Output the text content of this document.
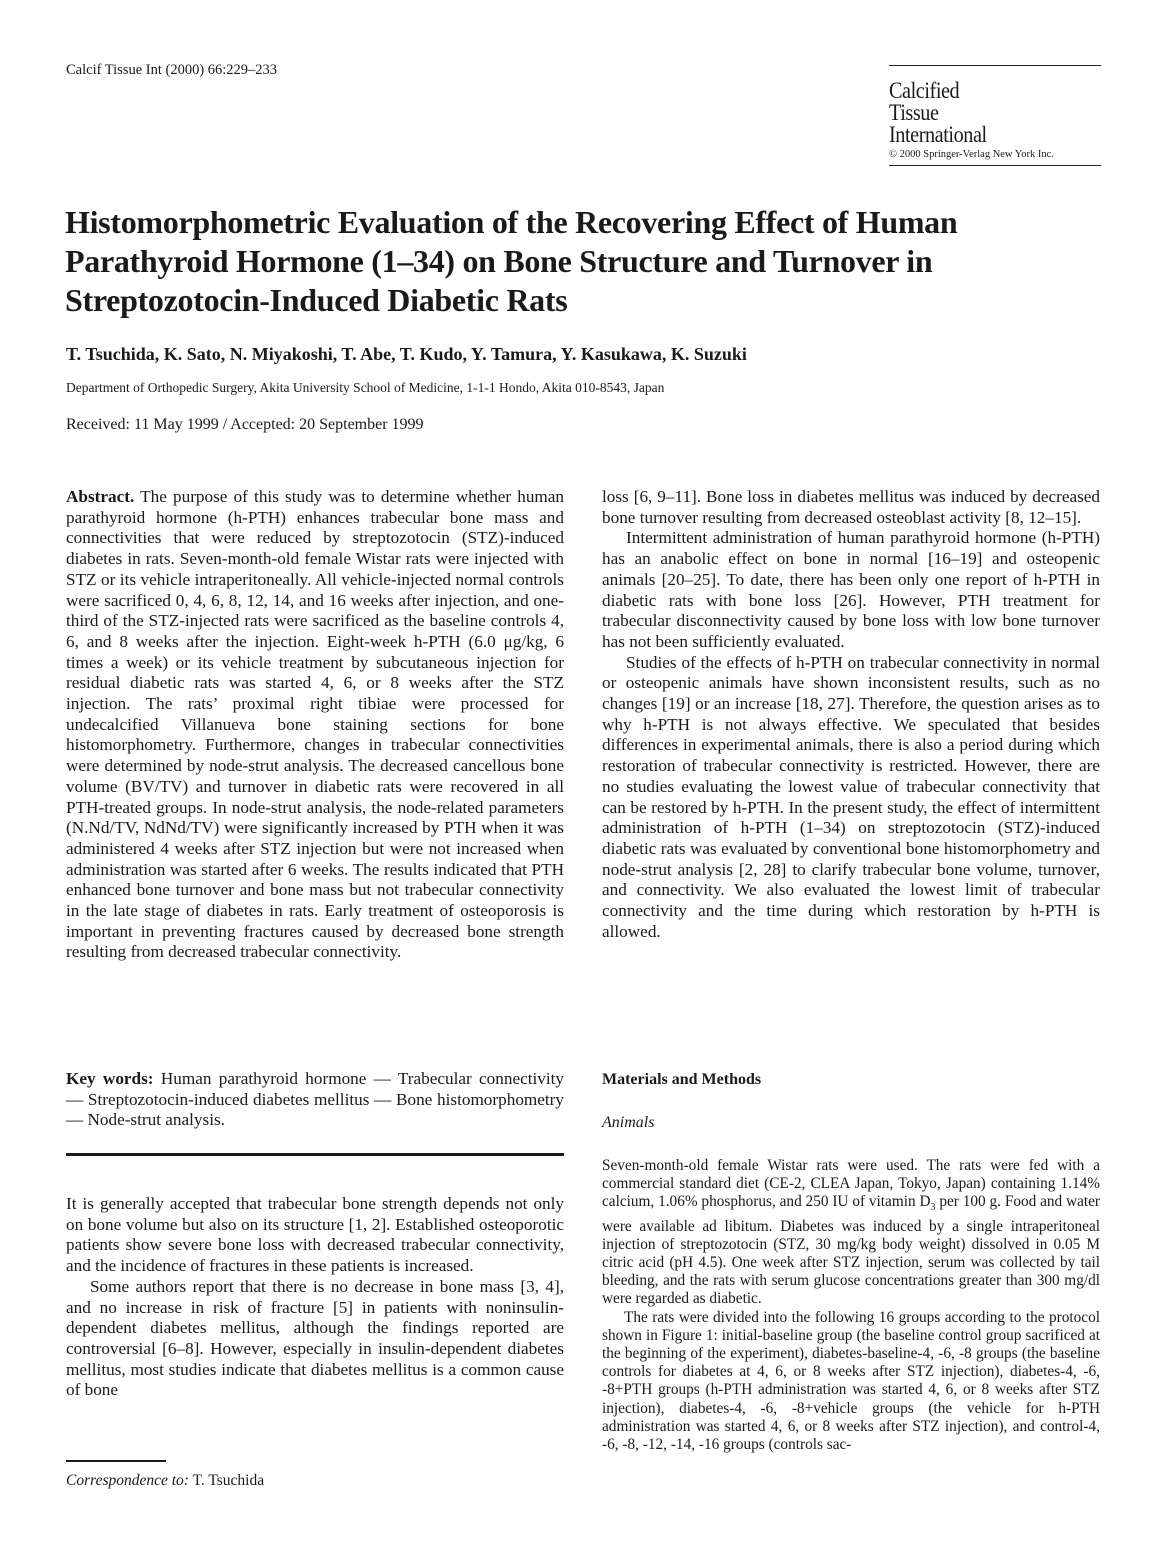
Calcif Tissue Int (2000) 66:229–233
Calcified
Tissue
International
© 2000 Springer-Verlag New York Inc.
Histomorphometric Evaluation of the Recovering Effect of Human Parathyroid Hormone (1–34) on Bone Structure and Turnover in Streptozotocin-Induced Diabetic Rats
T. Tsuchida, K. Sato, N. Miyakoshi, T. Abe, T. Kudo, Y. Tamura, Y. Kasukawa, K. Suzuki
Department of Orthopedic Surgery, Akita University School of Medicine, 1-1-1 Hondo, Akita 010-8543, Japan
Received: 11 May 1999 / Accepted: 20 September 1999

Abstract. The purpose of this study was to determine whether human parathyroid hormone (h-PTH) enhances trabecular bone mass and connectivities that were reduced by streptozotocin (STZ)-induced diabetes in rats. Seven-month-old female Wistar rats were injected with STZ or its vehicle intraperitoneally. All vehicle-injected normal controls were sacrificed 0, 4, 6, 8, 12, 14, and 16 weeks after injection, and one-third of the STZ-injected rats were sacrificed as the baseline controls 4, 6, and 8 weeks after the injection. Eight-week h-PTH (6.0 μg/kg, 6 times a week) or its vehicle treatment by subcutaneous injection for residual diabetic rats was started 4, 6, or 8 weeks after the STZ injection. The rats’ proximal right tibiae were processed for undecalcified Villanueva bone staining sections for bone histomorphometry. Furthermore, changes in trabecular connectivities were determined by node-strut analysis. The decreased cancellous bone volume (BV/TV) and turnover in diabetic rats were recovered in all PTH-treated groups. In node-strut analysis, the node-related parameters (N.Nd/TV, NdNd/TV) were significantly increased by PTH when it was administered 4 weeks after STZ injection but were not increased when administration was started after 6 weeks. The results indicated that PTH enhanced bone turnover and bone mass but not trabecular connectivity in the late stage of diabetes in rats. Early treatment of osteoporosis is important in preventing fractures caused by decreased bone strength resulting from decreased trabecular connectivity.

Key words: Human parathyroid hormone — Trabecular connectivity — Streptozotocin-induced diabetes mellitus — Bone histomorphometry — Node-strut analysis.

It is generally accepted that trabecular bone strength depends not only on bone volume but also on its structure [1, 2]. Established osteoporotic patients show severe bone loss with decreased trabecular connectivity, and the incidence of fractures in these patients is increased.

Some authors report that there is no decrease in bone mass [3, 4], and no increase in risk of fracture [5] in patients with noninsulin-dependent diabetes mellitus, although the findings reported are controversial [6–8]. However, especially in insulin-dependent diabetes mellitus, most studies indicate that diabetes mellitus is a common cause of bone

Correspondence to: T. Tsuchida

loss [6, 9–11]. Bone loss in diabetes mellitus was induced by decreased bone turnover resulting from decreased osteoblast activity [8, 12–15].

Intermittent administration of human parathyroid hormone (h-PTH) has an anabolic effect on bone in normal [16–19] and osteopenic animals [20–25]. To date, there has been only one report of h-PTH in diabetic rats with bone loss [26]. However, PTH treatment for trabecular disconnectivity caused by bone loss with low bone turnover has not been sufficiently evaluated.

Studies of the effects of h-PTH on trabecular connectivity in normal or osteopenic animals have shown inconsistent results, such as no changes [19] or an increase [18, 27]. Therefore, the question arises as to why h-PTH is not always effective. We speculated that besides differences in experimental animals, there is also a period during which restoration of trabecular connectivity is restricted. However, there are no studies evaluating the lowest value of trabecular connectivity that can be restored by h-PTH. In the present study, the effect of intermittent administration of h-PTH (1–34) on streptozotocin (STZ)-induced diabetic rats was evaluated by conventional bone histomorphometry and node-strut analysis [2, 28] to clarify trabecular bone volume, turnover, and connectivity. We also evaluated the lowest limit of trabecular connectivity and the time during which restoration by h-PTH is allowed.

Materials and Methods
Animals

Seven-month-old female Wistar rats were used. The rats were fed with a commercial standard diet (CE-2, CLEA Japan, Tokyo, Japan) containing 1.14% calcium, 1.06% phosphorus, and 250 IU of vitamin $D_3$ per 100 g. Food and water were available ad libitum. Diabetes was induced by a single intraperitoneal injection of streptozotocin (STZ, 30 mg/kg body weight) dissolved in 0.05 M citric acid (pH 4.5). One week after STZ injection, serum was collected by tail bleeding, and the rats with serum glucose concentrations greater than 300 mg/dl were regarded as diabetic.

The rats were divided into the following 16 groups according to the protocol shown in Figure 1: initial-baseline group (the baseline control group sacrificed at the beginning of the experiment), diabetes-baseline-4, -6, -8 groups (the baseline controls for diabetes at 4, 6, or 8 weeks after STZ injection), diabetes-4, -6, -8+PTH groups (h-PTH administration was started 4, 6, or 8 weeks after STZ injection), diabetes-4, -6, -8+vehicle groups (the vehicle for h-PTH administration was started 4, 6, or 8 weeks after STZ injection), and control-4, -6, -8, -12, -14, -16 groups (controls sac-
